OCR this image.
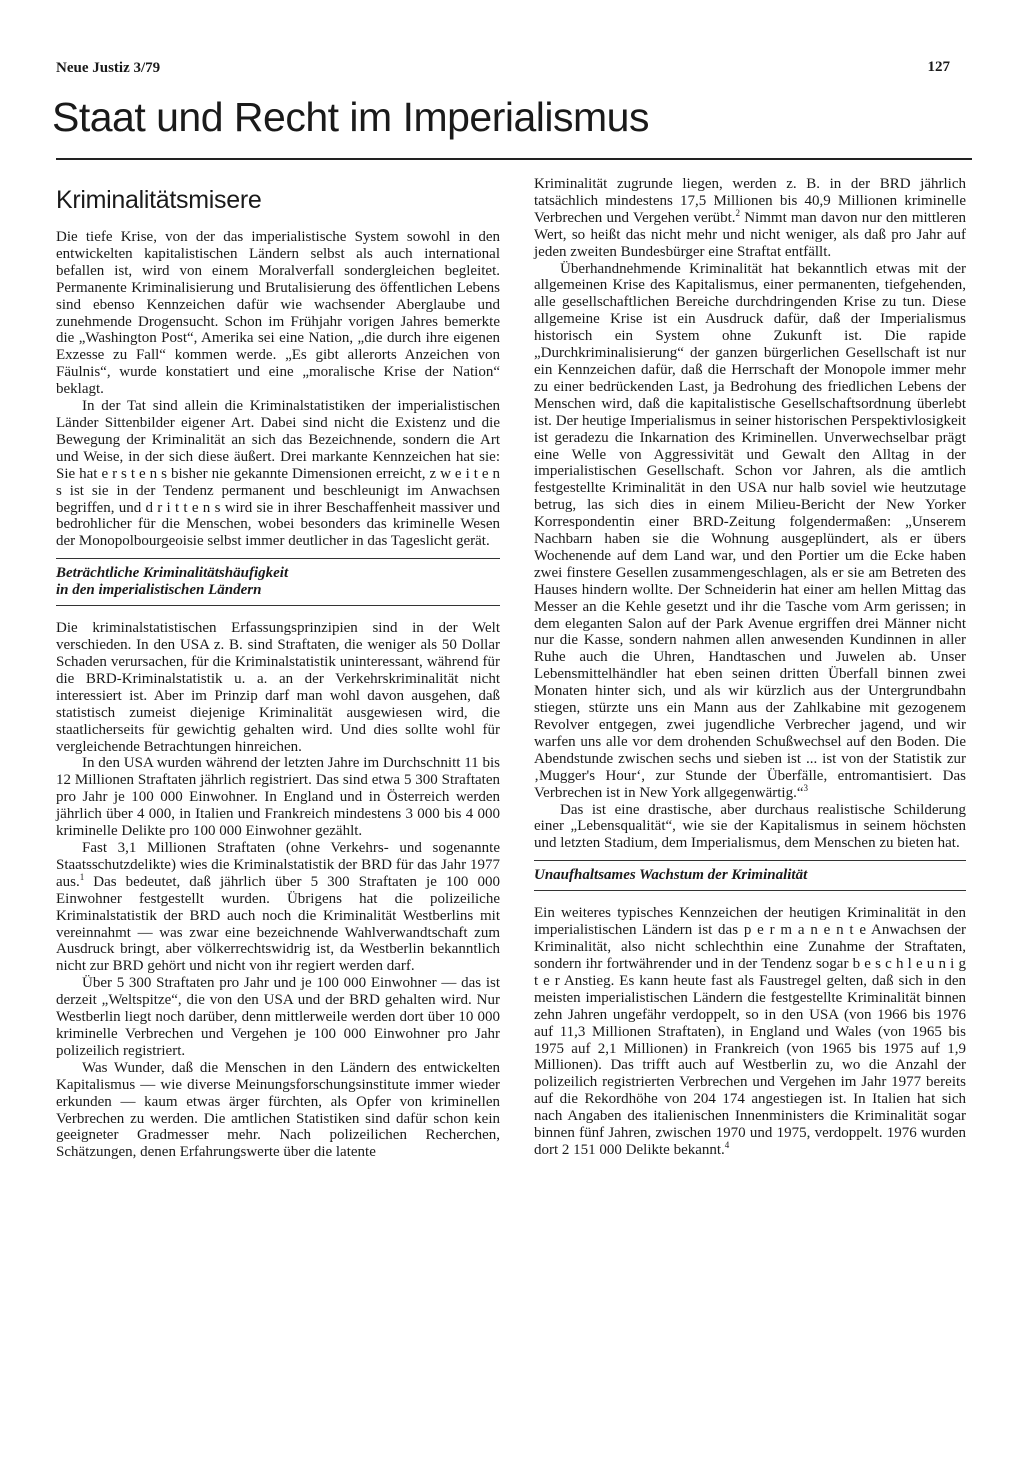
Neue Justiz 3/79	127
Staat und Recht im Imperialismus
Kriminalitätsmisere

Die tiefe Krise, von der das imperialistische System sowohl in den entwickelten kapitalistischen Ländern selbst als auch international befallen ist, wird von einem Moralverfall sondergleichen begleitet. Permanente Kriminalisierung und Brutalisierung des öffentlichen Lebens sind ebenso Kennzeichen dafür wie wachsender Aberglaube und zunehmende Drogensucht. Schon im Frühjahr vorigen Jahres bemerkte die „Washington Post“, Amerika sei eine Nation, „die durch ihre eigenen Exzesse zu Fall“ kommen werde. „Es gibt allerorts Anzeichen von Fäulnis“, wurde konstatiert und eine „moralische Krise der Nation“ beklagt.

In der Tat sind allein die Kriminalstatistiken der imperialistischen Länder Sittenbilder eigener Art. Dabei sind nicht die Existenz und die Bewegung der Kriminalität an sich das Bezeichnende, sondern die Art und Weise, in der sich diese äußert. Drei markante Kennzeichen hat sie: Sie hat e r s t e n s bisher nie gekannte Dimensionen erreicht, z w e i t e n s ist sie in der Tendenz permanent und beschleunigt im Anwachsen begriffen, und d r i t t e n s wird sie in ihrer Beschaffenheit massiver und bedrohlicher für die Menschen, wobei besonders das kriminelle Wesen der Monopolbourgeoisie selbst immer deutlicher in das Tageslicht gerät.

Beträchtliche Kriminalitätshäufigkeit
in den imperialistischen Ländern

Die kriminalstatistischen Erfassungsprinzipien sind in der Welt verschieden. In den USA z. B. sind Straftaten, die weniger als 50 Dollar Schaden verursachen, für die Kriminalstatistik uninteressant, während für die BRD-Kriminalstatistik u. a. an der Verkehrskriminalität nicht interessiert ist. Aber im Prinzip darf man wohl davon ausgehen, daß statistisch zumeist diejenige Kriminalität ausgewiesen wird, die staatlicherseits für gewichtig gehalten wird. Und dies sollte wohl für vergleichende Betrachtungen hinreichen.

In den USA wurden während der letzten Jahre im Durchschnitt 11 bis 12 Millionen Straftaten jährlich registriert. Das sind etwa 5 300 Straftaten pro Jahr je 100 000 Einwohner. In England und in Österreich werden jährlich über 4 000, in Italien und Frankreich mindestens 3 000 bis 4 000 kriminelle Delikte pro 100 000 Einwohner gezählt.

Fast 3,1 Millionen Straftaten (ohne Verkehrs- und sogenannte Staatsschutzdelikte) wies die Kriminalstatistik der BRD für das Jahr 1977 aus.$^1$ Das bedeutet, daß jährlich über 5 300 Straftaten je 100 000 Einwohner festgestellt wurden. Übrigens hat die polizeiliche Kriminalstatistik der BRD auch noch die Kriminalität Westberlins mit vereinnahmt — was zwar eine bezeichnende Wahlverwandtschaft zum Ausdruck bringt, aber völkerrechtswidrig ist, da Westberlin bekanntlich nicht zur BRD gehört und nicht von ihr regiert werden darf.

Über 5 300 Straftaten pro Jahr und je 100 000 Einwohner — das ist derzeit „Weltspitze“, die von den USA und der BRD gehalten wird. Nur Westberlin liegt noch darüber, denn mittlerweile werden dort über 10 000 kriminelle Verbrechen und Vergehen je 100 000 Einwohner pro Jahr polizeilich registriert.

Was Wunder, daß die Menschen in den Ländern des entwickelten Kapitalismus — wie diverse Meinungsforschungsinstitute immer wieder erkunden — kaum etwas ärger fürchten, als Opfer von kriminellen Verbrechen zu werden. Die amtlichen Statistiken sind dafür schon kein geeigneter Gradmesser mehr. Nach polizeilichen Recherchen, Schätzungen, denen Erfahrungswerte über die latente

Kriminalität zugrunde liegen, werden z. B. in der BRD jährlich tatsächlich mindestens 17,5 Millionen bis 40,9 Millionen kriminelle Verbrechen und Vergehen verübt.$^2$ Nimmt man davon nur den mittleren Wert, so heißt das nicht mehr und nicht weniger, als daß pro Jahr auf jeden zweiten Bundesbürger eine Straftat entfällt.

Überhandnehmende Kriminalität hat bekanntlich etwas mit der allgemeinen Krise des Kapitalismus, einer permanenten, tiefgehenden, alle gesellschaftlichen Bereiche durchdringenden Krise zu tun. Diese allgemeine Krise ist ein Ausdruck dafür, daß der Imperialismus historisch ein System ohne Zukunft ist. Die rapide „Durchkriminalisierung“ der ganzen bürgerlichen Gesellschaft ist nur ein Kennzeichen dafür, daß die Herrschaft der Monopole immer mehr zu einer bedrückenden Last, ja Bedrohung des friedlichen Lebens der Menschen wird, daß die kapitalistische Gesellschaftsordnung überlebt ist. Der heutige Imperialismus in seiner historischen Perspektivlosigkeit ist geradezu die Inkarnation des Kriminellen. Unverwechselbar prägt eine Welle von Aggressivität und Gewalt den Alltag in der imperialistischen Gesellschaft. Schon vor Jahren, als die amtlich festgestellte Kriminalität in den USA nur halb soviel wie heutzutage betrug, las sich dies in einem Milieu-Bericht der New Yorker Korrespondentin einer BRD-Zeitung folgendermaßen: „Unserem Nachbarn haben sie die Wohnung ausgeplündert, als er übers Wochenende auf dem Land war, und den Portier um die Ecke haben zwei finstere Gesellen zusammengeschlagen, als er sie am Betreten des Hauses hindern wollte. Der Schneiderin hat einer am hellen Mittag das Messer an die Kehle gesetzt und ihr die Tasche vom Arm gerissen; in dem eleganten Salon auf der Park Avenue ergriffen drei Männer nicht nur die Kasse, sondern nahmen allen anwesenden Kundinnen in aller Ruhe auch die Uhren, Handtaschen und Juwelen ab. Unser Lebensmittelhändler hat eben seinen dritten Überfall binnen zwei Monaten hinter sich, und als wir kürzlich aus der Untergrundbahn stiegen, stürzte uns ein Mann aus der Zahlkabine mit gezogenem Revolver entgegen, zwei jugendliche Verbrecher jagend, und wir warfen uns alle vor dem drohenden Schußwechsel auf den Boden. Die Abendstunde zwischen sechs und sieben ist ... ist von der Statistik zur ‚Mugger's Hour‘, zur Stunde der Überfälle, entromantisiert. Das Verbrechen ist in New York allgegenwärtig.“$^3$

Das ist eine drastische, aber durchaus realistische Schilderung einer „Lebensqualität“, wie sie der Kapitalismus in seinem höchsten und letzten Stadium, dem Imperialismus, dem Menschen zu bieten hat.

Unaufhaltsames Wachstum der Kriminalität

Ein weiteres typisches Kennzeichen der heutigen Kriminalität in den imperialistischen Ländern ist das p e r m a n e n t e Anwachsen der Kriminalität, also nicht schlechthin eine Zunahme der Straftaten, sondern ihr fortwährender und in der Tendenz sogar b e s c h l e u n i g t e r Anstieg. Es kann heute fast als Faustregel gelten, daß sich in den meisten imperialistischen Ländern die festgestellte Kriminalität binnen zehn Jahren ungefähr verdoppelt, so in den USA (von 1966 bis 1976 auf 11,3 Millionen Straftaten), in England und Wales (von 1965 bis 1975 auf 2,1 Millionen) in Frankreich (von 1965 bis 1975 auf 1,9 Millionen). Das trifft auch auf Westberlin zu, wo die Anzahl der polizeilich registrierten Verbrechen und Vergehen im Jahr 1977 bereits auf die Rekordhöhe von 204 174 angestiegen ist. In Italien hat sich nach Angaben des italienischen Innenministers die Kriminalität sogar binnen fünf Jahren, zwischen 1970 und 1975, verdoppelt. 1976 wurden dort 2 151 000 Delikte bekannt.$^4$
